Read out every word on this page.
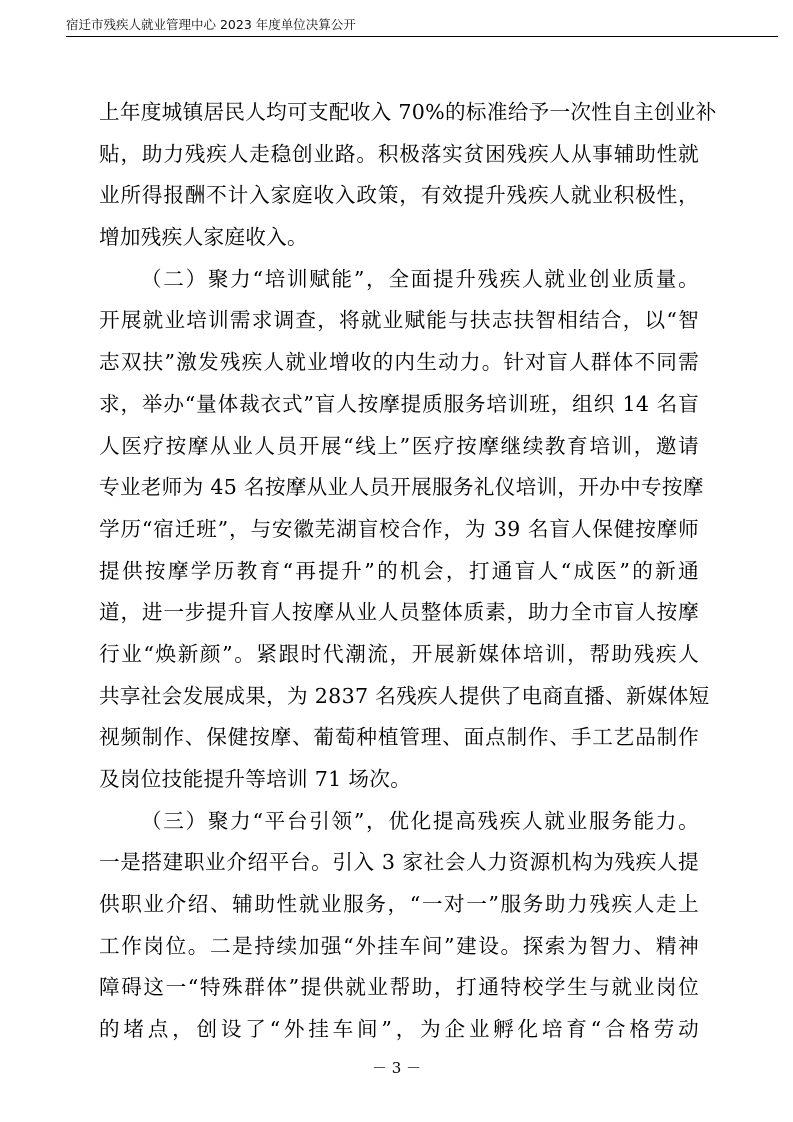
宿迁市残疾人就业管理中心 2023 年度单位决算公开
上年度城镇居民人均可支配收入 70%的标准给予一次性自主创业补
贴，助力残疾人走稳创业路。积极落实贫困残疾人从事辅助性就
业所得报酬不计入家庭收入政策，有效提升残疾人就业积极性，
增加残疾人家庭收入。
（二）聚力“培训赋能”，全面提升残疾人就业创业质量。
开展就业培训需求调查，将就业赋能与扶志扶智相结合，以“智
志双扶”激发残疾人就业增收的内生动力。针对盲人群体不同需
求，举办“量体裁衣式”盲人按摩提质服务培训班，组织 14 名盲
人医疗按摩从业人员开展“线上”医疗按摩继续教育培训，邀请
专业老师为 45 名按摩从业人员开展服务礼仪培训，开办中专按摩
学历“宿迁班”，与安徽芜湖盲校合作，为 39 名盲人保健按摩师
提供按摩学历教育“再提升”的机会，打通盲人“成医”的新通
道，进一步提升盲人按摩从业人员整体质素，助力全市盲人按摩
行业“焕新颜”。紧跟时代潮流，开展新媒体培训，帮助残疾人
共享社会发展成果，为 2837 名残疾人提供了电商直播、新媒体短
视频制作、保健按摩、葡萄种植管理、面点制作、手工艺品制作
及岗位技能提升等培训 71 场次。
（三）聚力“平台引领”，优化提高残疾人就业服务能力。
一是搭建职业介绍平台。引入 3 家社会人力资源机构为残疾人提
供职业介绍、辅助性就业服务，“一对一”服务助力残疾人走上
工作岗位。二是持续加强“外挂车间”建设。探索为智力、精神
障碍这一“特殊群体”提供就业帮助，打通特校学生与就业岗位
的堵点，创设了“外挂车间”，为企业孵化培育“合格劳动
－ 3 －
